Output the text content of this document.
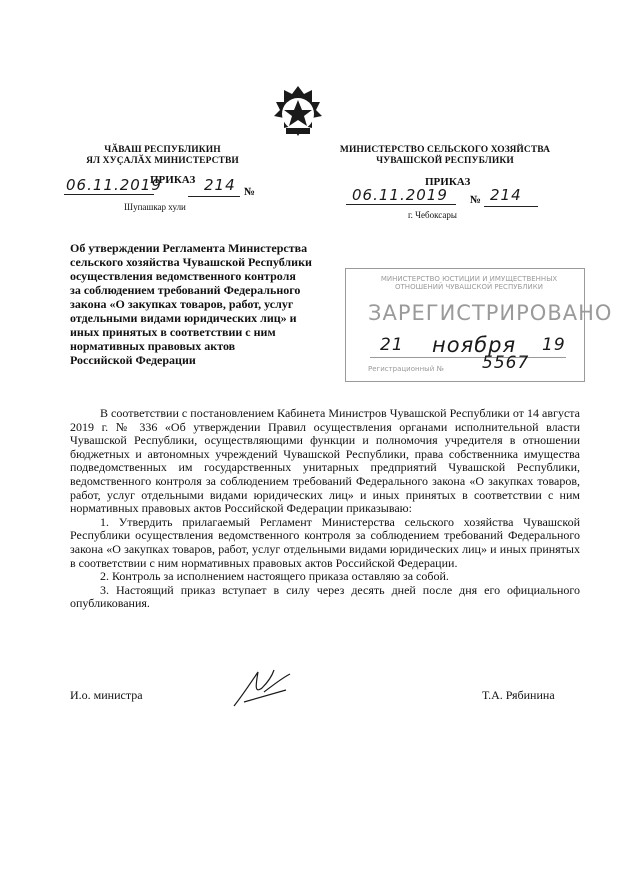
ЧӐВАШ РЕСПУБЛИКИН
ЯЛ ХУҪАЛӐХ МИНИСТЕРСТВИ
ПРИКАЗ
06.11.2019	214 №
Шупашкар хули
МИНИСТЕРСТВО СЕЛЬСКОГО ХОЗЯЙСТВА
ЧУВАШСКОЙ РЕСПУБЛИКИ
ПРИКАЗ
06.11.2019 № 214
г. Чебоксары
Об утверждении Регламента Министерства
сельского хозяйства Чувашской Республики
осуществления ведомственного контроля
за соблюдением требований Федерального
закона «О закупках товаров, работ, услуг
отдельными видами юридических лиц» и
иных принятых в соответствии с ним
нормативных правовых актов
Российской Федерации
МИНИСТЕРСТВО ЮСТИЦИИ И ИМУЩЕСТВЕННЫХ ОТНОШЕНИЙ ЧУВАШСКОЙ РЕСПУБЛИКИ
ЗАРЕГИСТРИРОВАНО
21 ноября 19
5567
Регистрационный №

В соответствии с постановлением Кабинета Министров Чувашской Республики от 14 августа 2019 г. № 336 «Об утверждении Правил осуществления органами исполнительной власти Чувашской Республики, осуществляющими функции и полномочия учредителя в отношении бюджетных и автономных учреждений Чувашской Республики, права собственника имущества подведомственных им государственных унитарных предприятий Чувашской Республики, ведомственного контроля за соблюдением требований Федерального закона «О закупках товаров, работ, услуг отдельными видами юридических лиц» и иных принятых в соответствии с ним нормативных правовых актов Российской Федерации приказываю:

1. Утвердить прилагаемый Регламент Министерства сельского хозяйства Чувашской Республики осуществления ведомственного контроля за соблюдением требований Федерального закона «О закупках товаров, работ, услуг отдельными видами юридических лиц» и иных принятых в соответствии с ним нормативных правовых актов Российской Федерации.

2. Контроль за исполнением настоящего приказа оставляю за собой.

3. Настоящий приказ вступает в силу через десять дней после дня его официального опубликования.

И.о. министра	Т.А. Рябинина
